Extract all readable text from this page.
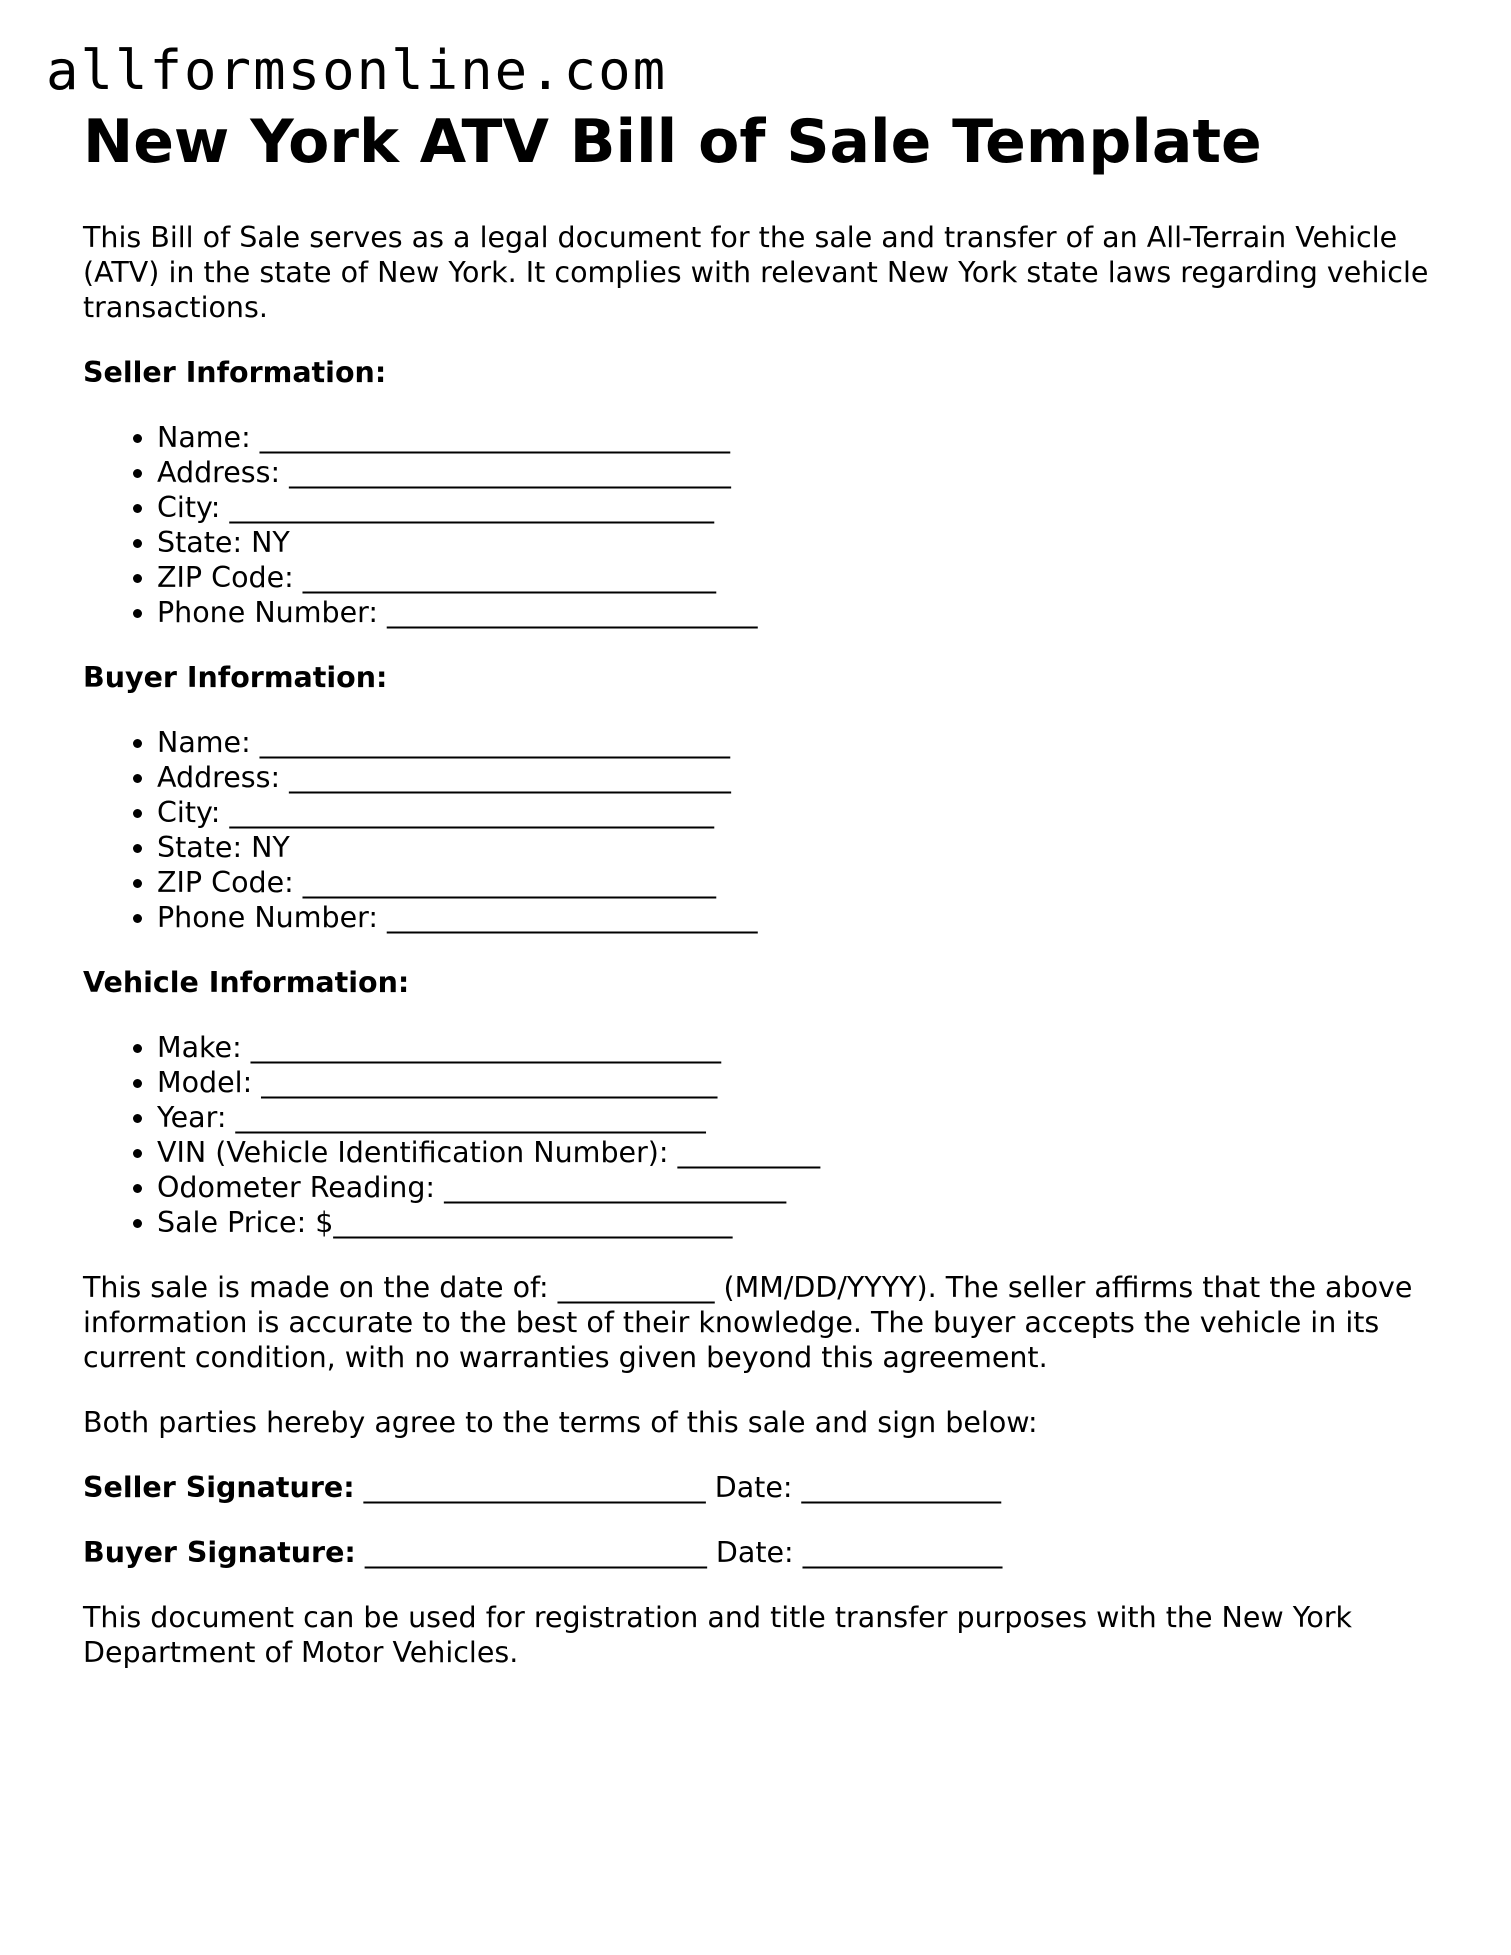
allformsonline.com
New York ATV Bill of Sale Template

This Bill of Sale serves as a legal document for the sale and transfer of an All-Terrain Vehicle (ATV) in the state of New York. It complies with relevant New York state laws regarding vehicle transactions.

Seller Information:

• Name: _________________________________
• Address: _______________________________
• City: __________________________________
• State: NY
• ZIP Code: _____________________________
• Phone Number: __________________________

Buyer Information:

• Name: _________________________________
• Address: _______________________________
• City: __________________________________
• State: NY
• ZIP Code: _____________________________
• Phone Number: __________________________

Vehicle Information:

• Make: _________________________________
• Model: ________________________________
• Year: _________________________________
• VIN (Vehicle Identification Number): __________
• Odometer Reading: ________________________
• Sale Price: $____________________________

This sale is made on the date of: ___________ (MM/DD/YYYY). The seller affirms that the above information is accurate to the best of their knowledge. The buyer accepts the vehicle in its current condition, with no warranties given beyond this agreement.

Both parties hereby agree to the terms of this sale and sign below:

Seller Signature: ________________________ Date: ______________

Buyer Signature: ________________________ Date: ______________

This document can be used for registration and title transfer purposes with the New York Department of Motor Vehicles.
